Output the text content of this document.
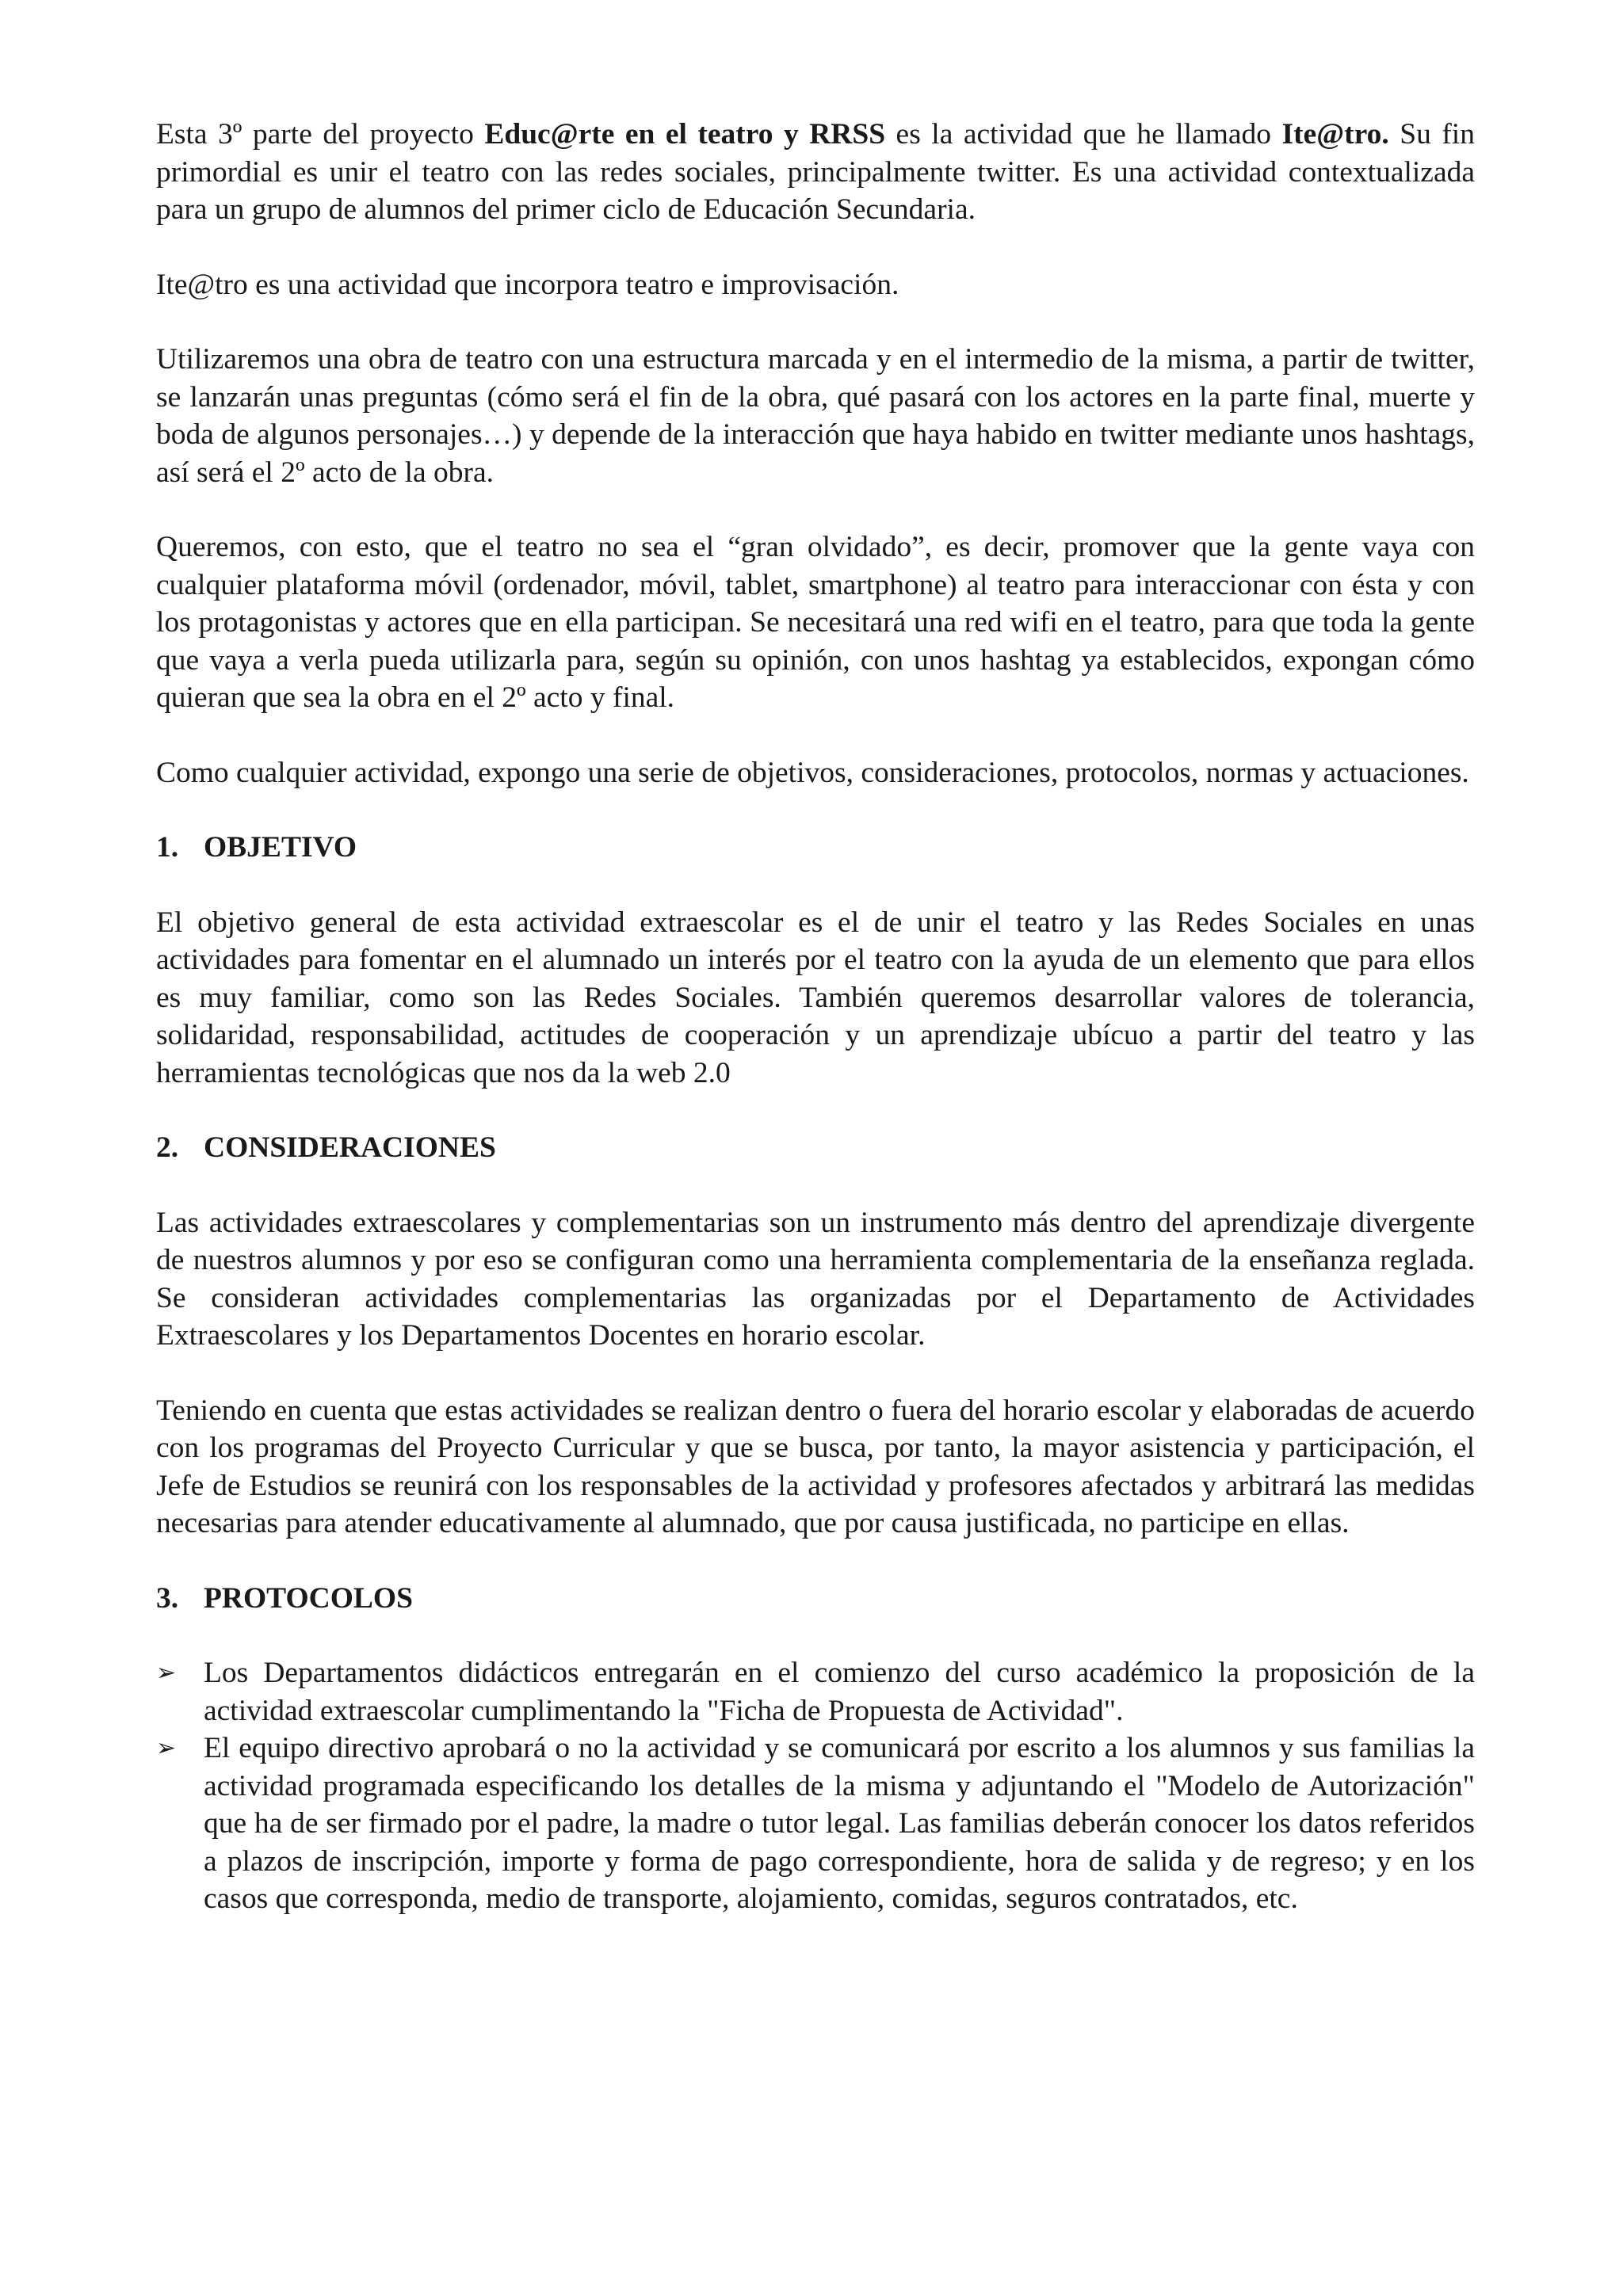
Esta 3º parte del proyecto Educ@rte en el teatro y RRSS es la actividad que he llamado Ite@tro. Su fin primordial es unir el teatro con las redes sociales, principalmente twitter. Es una actividad contextualizada para un grupo de alumnos del primer ciclo de Educación Secundaria.

Ite@tro es una actividad que incorpora teatro e improvisación.

Utilizaremos una obra de teatro con una estructura marcada y en el intermedio de la misma, a partir de twitter, se lanzarán unas preguntas (cómo será el fin de la obra, qué pasará con los actores en la parte final, muerte y boda de algunos personajes…) y depende de la interacción que haya habido en twitter mediante unos hashtags, así será el 2º acto de la obra.

Queremos, con esto, que el teatro no sea el “gran olvidado”, es decir, promover que la gente vaya con cualquier plataforma móvil (ordenador, móvil, tablet, smartphone) al teatro para interaccionar con ésta y con los protagonistas y actores que en ella participan. Se necesitará una red wifi en el teatro, para que toda la gente que vaya a verla pueda utilizarla para, según su opinión, con unos hashtag ya establecidos, expongan cómo quieran que sea la obra en el 2º acto y final.

Como cualquier actividad, expongo una serie de objetivos, consideraciones, protocolos, normas y actuaciones.

1. OBJETIVO

El objetivo general de esta actividad extraescolar es el de unir el teatro y las Redes Sociales en unas actividades para fomentar en el alumnado un interés por el teatro con la ayuda de un elemento que para ellos es muy familiar, como son las Redes Sociales. También queremos desarrollar valores de tolerancia, solidaridad, responsabilidad, actitudes de cooperación y un aprendizaje ubícuo a partir del teatro y las herramientas tecnológicas que nos da la web 2.0

2. CONSIDERACIONES

Las actividades extraescolares y complementarias son un instrumento más dentro del aprendizaje divergente de nuestros alumnos y por eso se configuran como una herramienta complementaria de la enseñanza reglada. Se consideran actividades complementarias las organizadas por el Departamento de Actividades Extraescolares y los Departamentos Docentes en horario escolar.

Teniendo en cuenta que estas actividades se realizan dentro o fuera del horario escolar y elaboradas de acuerdo con los programas del Proyecto Curricular y que se busca, por tanto, la mayor asistencia y participación, el Jefe de Estudios se reunirá con los responsables de la actividad y profesores afectados y arbitrará las medidas necesarias para atender educativamente al alumnado, que por causa justificada, no participe en ellas.

3. PROTOCOLOS
➢ Los Departamentos didácticos entregarán en el comienzo del curso académico la proposición de la actividad extraescolar cumplimentando la "Ficha de Propuesta de Actividad".
➢ El equipo directivo aprobará o no la actividad y se comunicará por escrito a los alumnos y sus familias la actividad programada especificando los detalles de la misma y adjuntando el "Modelo de Autorización" que ha de ser firmado por el padre, la madre o tutor legal. Las familias deberán conocer los datos referidos a plazos de inscripción, importe y forma de pago correspondiente, hora de salida y de regreso; y en los casos que corresponda, medio de transporte, alojamiento, comidas, seguros contratados, etc.
